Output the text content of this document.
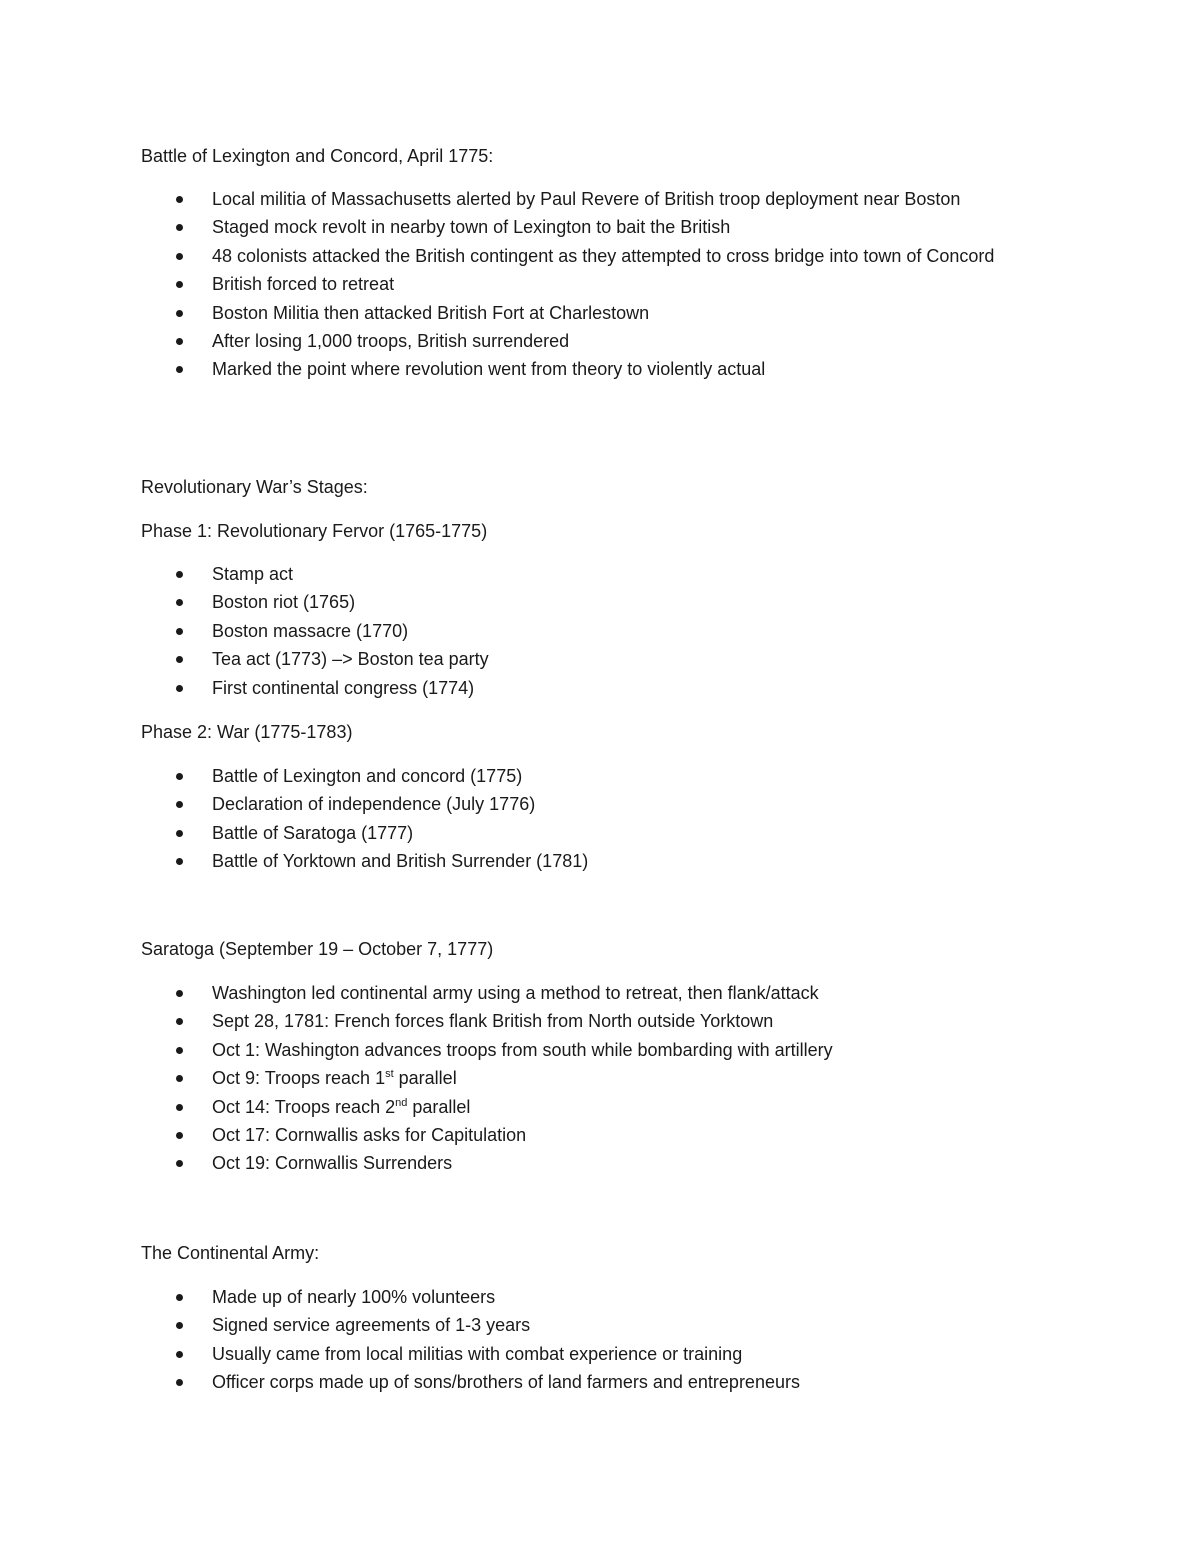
Battle of Lexington and Concord, April 1775:

Local militia of Massachusetts alerted by Paul Revere of British troop deployment near Boston
Staged mock revolt in nearby town of Lexington to bait the British
48 colonists attacked the British contingent as they attempted to cross bridge into town of Concord
British forced to retreat
Boston Militia then attacked British Fort at Charlestown
After losing 1,000 troops, British surrendered
Marked the point where revolution went from theory to violently actual

Revolutionary War’s Stages:

Phase 1: Revolutionary Fervor (1765-1775)

Stamp act
Boston riot (1765)
Boston massacre (1770)
Tea act (1773) –> Boston tea party
First continental congress (1774)

Phase 2: War (1775-1783)

Battle of Lexington and concord (1775)
Declaration of independence (July 1776)
Battle of Saratoga (1777)
Battle of Yorktown and British Surrender (1781)

Saratoga (September 19 – October 7, 1777)

Washington led continental army using a method to retreat, then flank/attack
Sept 28, 1781: French forces flank British from North outside Yorktown
Oct 1: Washington advances troops from south while bombarding with artillery
Oct 9: Troops reach 1st parallel
Oct 14: Troops reach 2nd parallel
Oct 17: Cornwallis asks for Capitulation
Oct 19: Cornwallis Surrenders

The Continental Army:

Made up of nearly 100% volunteers
Signed service agreements of 1-3 years
Usually came from local militias with combat experience or training
Officer corps made up of sons/brothers of land farmers and entrepreneurs
